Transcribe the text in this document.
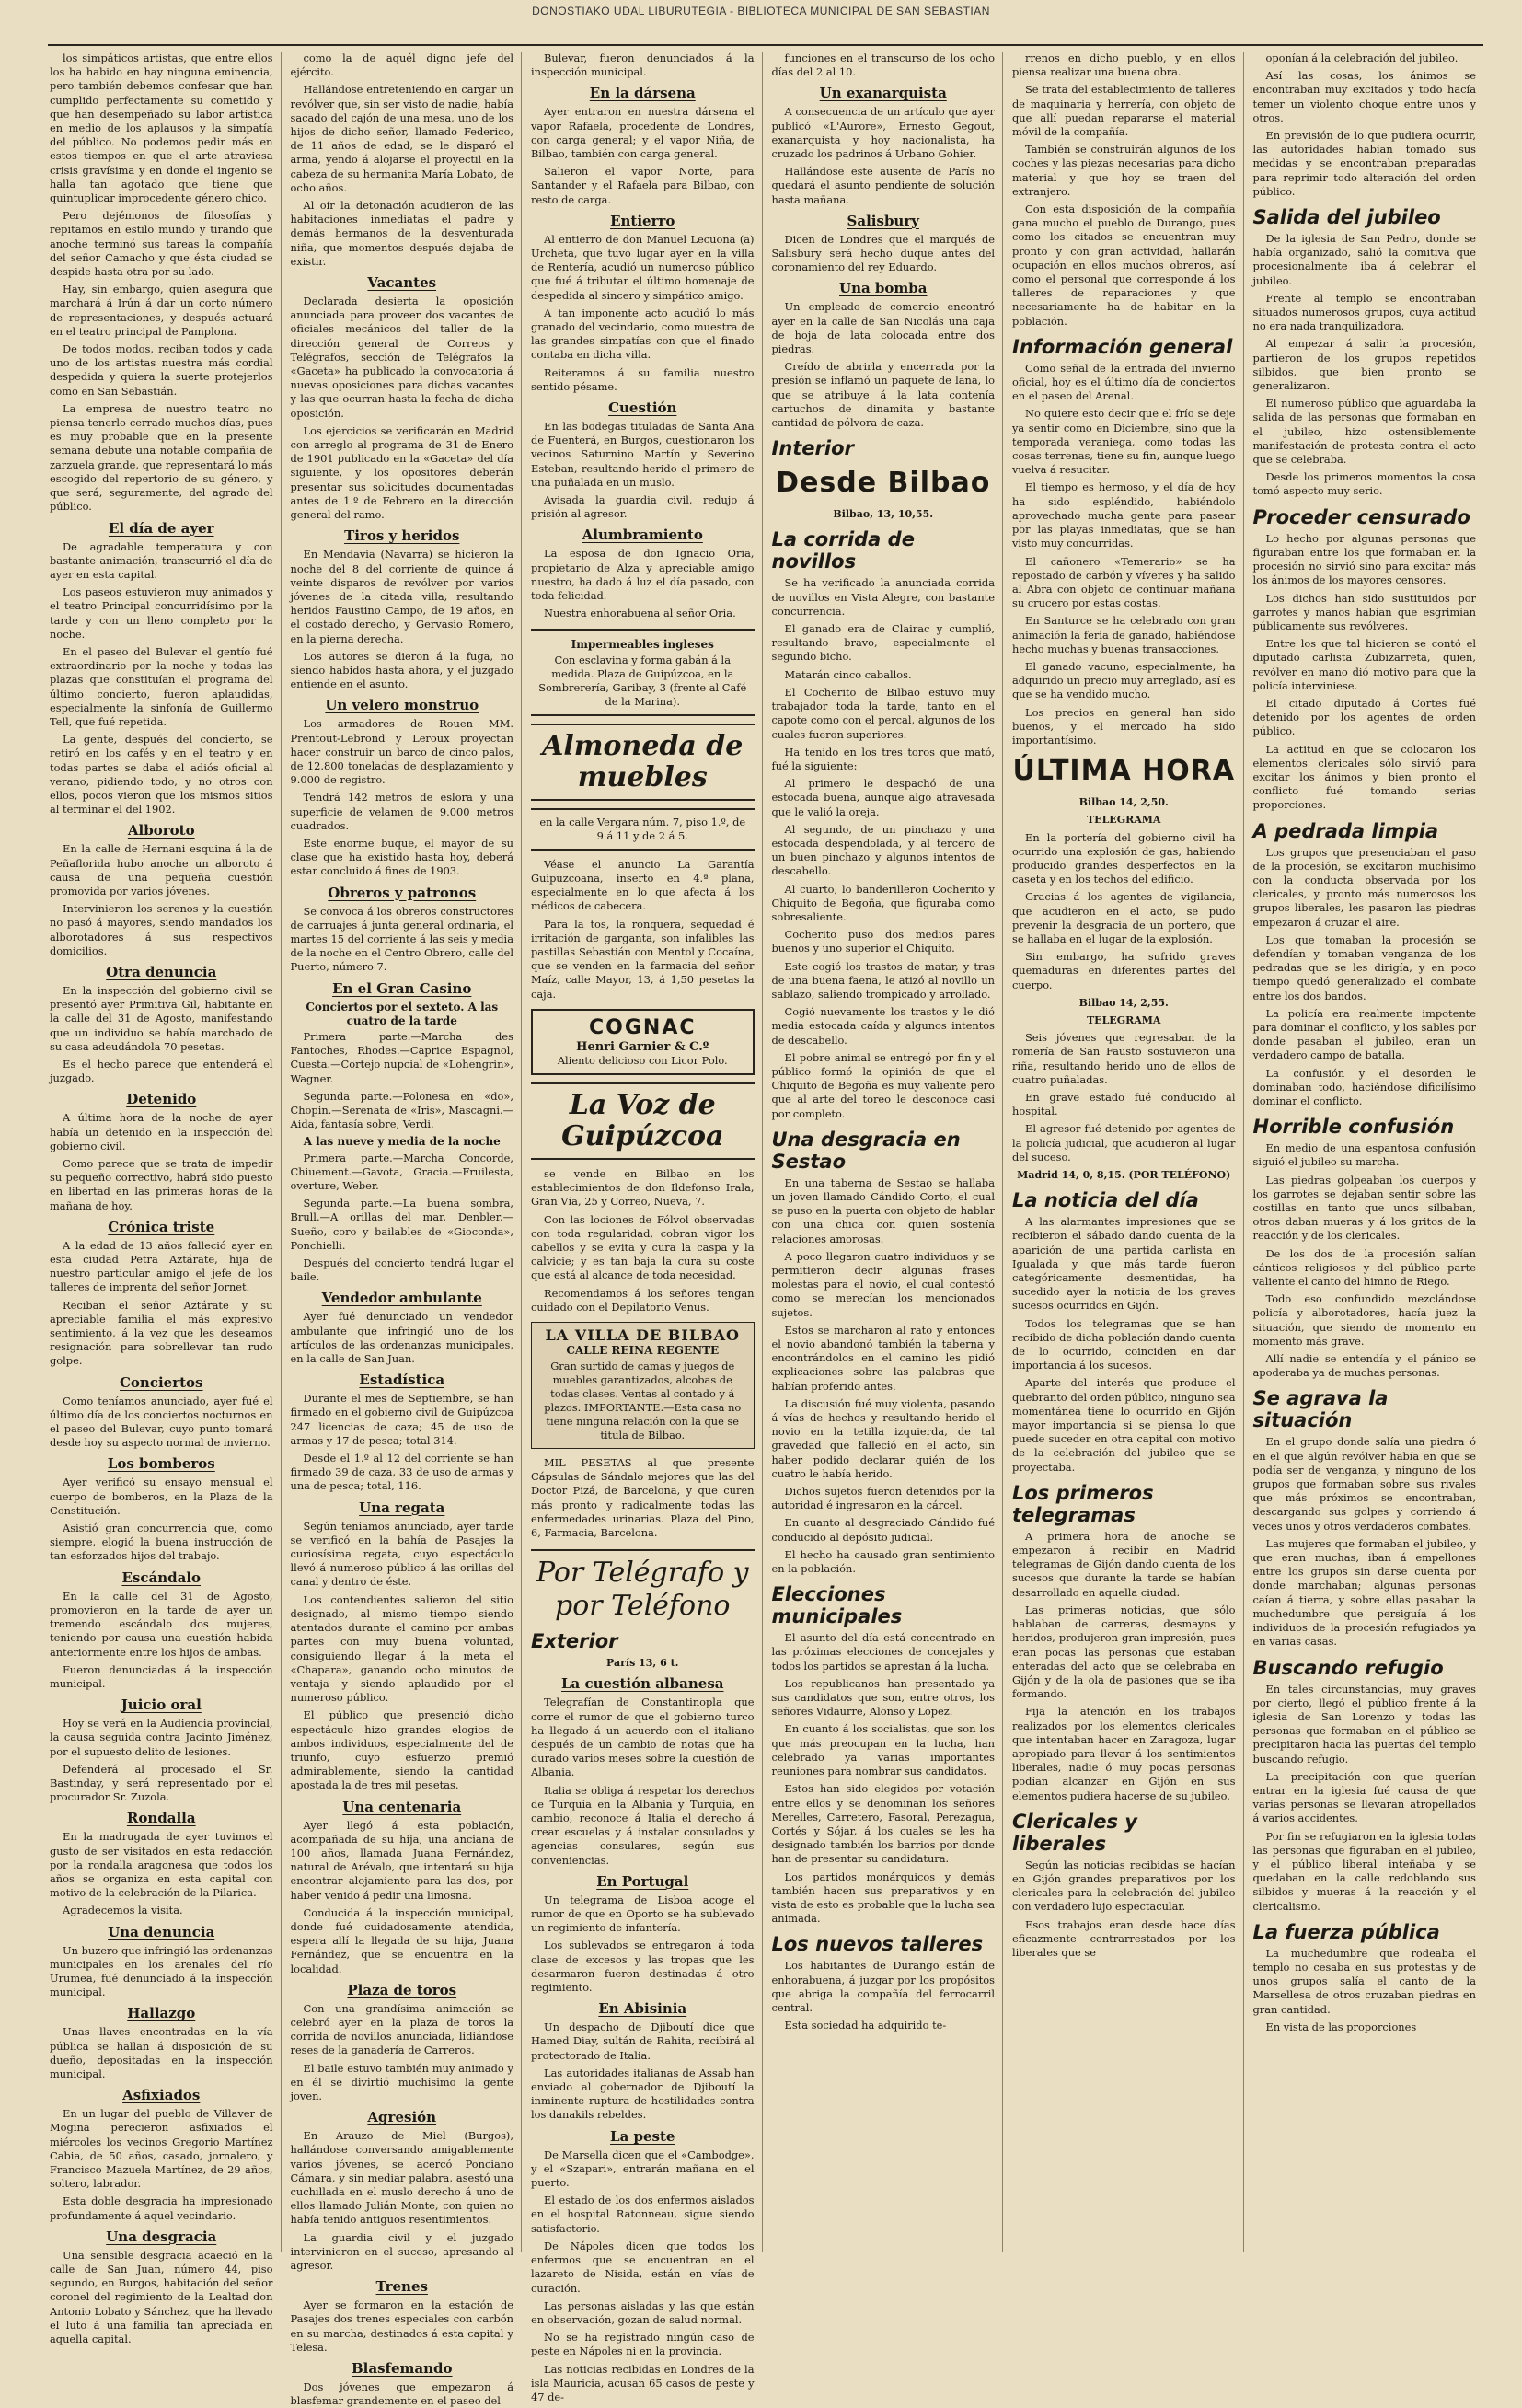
DONOSTIAKO UDAL LIBURUTEGIA - BIBLIOTECA MUNICIPAL DE SAN SEBASTIAN

los simpáticos artistas, que entre ellos los ha habido en hay ninguna eminencia, pero también debemos confesar que han cumplido perfectamente su cometido y que han desempeñado su labor artística en medio de los aplausos y la simpatía del público. No podemos pedir más en estos tiempos en que el arte atraviesa crisis gravísima y en donde el ingenio se halla tan agotado que tiene que quintuplicar improcedente género chico.

Pero dejémonos de filosofías y repitamos en estilo mundo y tirando que anoche terminó sus tareas la compañía del señor Camacho y que ésta ciudad se despide hasta otra por su lado.

Hay, sin embargo, quien asegura que marchará á Irún á dar un corto número de representaciones, y después actuará en el teatro principal de Pamplona.

De todos modos, reciban todos y cada uno de los artistas nuestra más cordial despedida y quiera la suerte protejerlos como en San Sebastián.

La empresa de nuestro teatro no piensa tenerlo cerrado muchos días, pues es muy probable que en la presente semana debute una notable compañía de zarzuela grande, que representará lo más escogido del repertorio de su género, y que será, seguramente, del agrado del público.

El día de ayer

De agradable temperatura y con bastante animación, transcurrió el día de ayer en esta capital.

Los paseos estuvieron muy animados y el teatro Principal concurridísimo por la tarde y con un lleno completo por la noche.

En el paseo del Bulevar el gentío fué extraordinario por la noche y todas las plazas que constituían el programa del último concierto, fueron aplaudidas, especialmente la sinfonía de Guillermo Tell, que fué repetida.

La gente, después del concierto, se retiró en los cafés y en el teatro y en todas partes se daba el adiós oficial al verano, pidiendo todo, y no otros con ellos, pocos vieron que los mismos sitios al terminar el del 1902.

Alboroto

En la calle de Hernani esquina á la de Peñaflorida hubo anoche un alboroto á causa de una pequeña cuestión promovida por varios jóvenes.

Intervinieron los serenos y la cuestión no pasó á mayores, siendo mandados los alborotadores á sus respectivos domicilios.

Otra denuncia

En la inspección del gobierno civil se presentó ayer Primitiva Gil, habitante en la calle del 31 de Agosto, manifestando que un individuo se había marchado de su casa adeudándola 70 pesetas.

Es el hecho parece que entenderá el juzgado.

Detenido

A última hora de la noche de ayer había un detenido en la inspección del gobierno civil.

Como parece que se trata de impedir su pequeño correctivo, habrá sido puesto en libertad en las primeras horas de la mañana de hoy.

Crónica triste

A la edad de 13 años falleció ayer en esta ciudad Petra Aztárate, hija de nuestro particular amigo el jefe de los talleres de imprenta del señor Jornet.

Reciban el señor Aztárate y su apreciable familia el más expresivo sentimiento, á la vez que les deseamos resignación para sobrellevar tan rudo golpe.

Conciertos

Como teníamos anunciado, ayer fué el último día de los conciertos nocturnos en el paseo del Bulevar, cuyo punto tomará desde hoy su aspecto normal de invierno.

Los bomberos

Ayer verificó su ensayo mensual el cuerpo de bomberos, en la Plaza de la Constitución.

Asistió gran concurrencia que, como siempre, elogió la buena instrucción de tan esforzados hijos del trabajo.

Escándalo

En la calle del 31 de Agosto, promovieron en la tarde de ayer un tremendo escándalo dos mujeres, teniendo por causa una cuestión habida anteriormente entre los hijos de ambas.

Fueron denunciadas á la inspección municipal.

Juicio oral

Hoy se verá en la Audiencia provincial, la causa seguida contra Jacinto Jiménez, por el supuesto delito de lesiones.

Defenderá al procesado el Sr. Bastinday, y será representado por el procurador Sr. Zuzola.

Rondalla

En la madrugada de ayer tuvimos el gusto de ser visitados en esta redacción por la rondalla aragonesa que todos los años se organiza en esta capital con motivo de la celebración de la Pilarica.

Agradecemos la visita.

Una denuncia

Un buzero que infringió las ordenanzas municipales en los arenales del río Urumea, fué denunciado á la inspección municipal.

Hallazgo

Unas llaves encontradas en la vía pública se hallan á disposición de su dueño, depositadas en la inspección municipal.

Asfixiados

En un lugar del pueblo de Villaver de Mogina perecieron asfixiados el miércoles los vecinos Gregorio Martínez Cabia, de 50 años, casado, jornalero, y Francisco Mazuela Martínez, de 29 años, soltero, labrador.

Esta doble desgracia ha impresionado profundamente á aquel vecindario.

Una desgracia

Una sensible desgracia acaeció en la calle de San Juan, número 44, piso segundo, en Burgos, habitación del señor coronel del regimiento de la Lealtad don Antonio Lobato y Sánchez, que ha llevado el luto á una familia tan apreciada en aquella capital.

como la de aquél digno jefe del ejército.

Hallándose entreteniendo en cargar un revólver que, sin ser visto de nadie, había sacado del cajón de una mesa, uno de los hijos de dicho señor, llamado Federico, de 11 años de edad, se le disparó el arma, yendo á alojarse el proyectil en la cabeza de su hermanita María Lobato, de ocho años.

Al oír la detonación acudieron de las habitaciones inmediatas el padre y demás hermanos de la desventurada niña, que momentos después dejaba de existir.

Vacantes

Declarada desierta la oposición anunciada para proveer dos vacantes de oficiales mecánicos del taller de la dirección general de Correos y Telégrafos, sección de Telégrafos la «Gaceta» ha publicado la convocatoria á nuevas oposiciones para dichas vacantes y las que ocurran hasta la fecha de dicha oposición.

Los ejercicios se verificarán en Madrid con arreglo al programa de 31 de Enero de 1901 publicado en la «Gaceta» del día siguiente, y los opositores deberán presentar sus solicitudes documentadas antes de 1.º de Febrero en la dirección general del ramo.

Tiros y heridos

En Mendavia (Navarra) se hicieron la noche del 8 del corriente de quince á veinte disparos de revólver por varios jóvenes de la citada villa, resultando heridos Faustino Campo, de 19 años, en el costado derecho, y Gervasio Romero, en la pierna derecha.

Los autores se dieron á la fuga, no siendo habidos hasta ahora, y el juzgado entiende en el asunto.

Un velero monstruo

Los armadores de Rouen MM. Prentout-Lebrond y Leroux proyectan hacer construir un barco de cinco palos, de 12.800 toneladas de desplazamiento y 9.000 de registro.

Tendrá 142 metros de eslora y una superficie de velamen de 9.000 metros cuadrados.

Este enorme buque, el mayor de su clase que ha existido hasta hoy, deberá estar concluido á fines de 1903.

Obreros y patronos

Se convoca á los obreros constructores de carruajes á junta general ordinaria, el martes 15 del corriente á las seis y media de la noche en el Centro Obrero, calle del Puerto, número 7.

En el Gran Casino
Conciertos por el sexteto. A las cuatro de la tarde

Primera parte.—Marcha des Fantoches, Rhodes.—Caprice Espagnol, Cuesta.—Cortejo nupcial de «Lohengrin», Wagner.

Segunda parte.—Polonesa en «do», Chopin.—Serenata de «Iris», Mascagni.—Aida, fantasía sobre, Verdi.

A las nueve y media de la noche

Primera parte.—Marcha Concorde, Chiuement.—Gavota, Gracia.—Fruilesta, overture, Weber.

Segunda parte.—La buena sombra, Brull.—A orillas del mar, Denbler.—Sueño, coro y bailables de «Gioconda», Ponchielli.

Después del concierto tendrá lugar el baile.

Vendedor ambulante

Ayer fué denunciado un vendedor ambulante que infringió uno de los artículos de las ordenanzas municipales, en la calle de San Juan.

Estadística

Durante el mes de Septiembre, se han firmado en el gobierno civil de Guipúzcoa 247 licencias de caza; 45 de uso de armas y 17 de pesca; total 314.

Desde el 1.º al 12 del corriente se han firmado 39 de caza, 33 de uso de armas y una de pesca; total, 116.

Una regata

Según teníamos anunciado, ayer tarde se verificó en la bahía de Pasajes la curiosísima regata, cuyo espectáculo llevó á numeroso público á las orillas del canal y dentro de éste.

Los contendientes salieron del sitio designado, al mismo tiempo siendo atentados durante el camino por ambas partes con muy buena voluntad, consiguiendo llegar á la meta el «Chapara», ganando ocho minutos de ventaja y siendo aplaudido por el numeroso público.

El público que presenció dicho espectáculo hizo grandes elogios de ambos individuos, especialmente del de triunfo, cuyo esfuerzo premió admirablemente, siendo la cantidad apostada la de tres mil pesetas.

Una centenaria

Ayer llegó á esta población, acompañada de su hija, una anciana de 100 años, llamada Juana Fernández, natural de Arévalo, que intentará su hija encontrar alojamiento para las dos, por haber venido á pedir una limosna.

Conducida á la inspección municipal, donde fué cuidadosamente atendida, espera allí la llegada de su hija, Juana Fernández, que se encuentra en la localidad.

Plaza de toros

Con una grandísima animación se celebró ayer en la plaza de toros la corrida de novillos anunciada, lidiándose reses de la ganadería de Carreros.

El baile estuvo también muy animado y en él se divirtió muchísimo la gente joven.

Agresión

En Arauzo de Miel (Burgos), hallándose conversando amigablemente varios jóvenes, se acercó Ponciano Cámara, y sin mediar palabra, asestó una cuchillada en el muslo derecho á uno de ellos llamado Julián Monte, con quien no había tenido antiguos resentimientos.

La guardia civil y el juzgado intervinieron en el suceso, apresando al agresor.

Trenes

Ayer se formaron en la estación de Pasajes dos trenes especiales con carbón en su marcha, destinados á esta capital y Telesa.

Blasfemando

Dos jóvenes que empezaron á blasfemar grandemente en el paseo del

Bulevar, fueron denunciados á la inspección municipal.

En la dársena

Ayer entraron en nuestra dársena el vapor Rafaela, procedente de Londres, con carga general; y el vapor Niña, de Bilbao, también con carga general.

Salieron el vapor Norte, para Santander y el Rafaela para Bilbao, con resto de carga.

Entierro

Al entierro de don Manuel Lecuona (a) Urcheta, que tuvo lugar ayer en la villa de Rentería, acudió un numeroso público que fué á tributar el último homenaje de despedida al sincero y simpático amigo.

A tan imponente acto acudió lo más granado del vecindario, como muestra de las grandes simpatías con que el finado contaba en dicha villa.

Reiteramos á su familia nuestro sentido pésame.

Cuestión

En las bodegas tituladas de Santa Ana de Fuenterá, en Burgos, cuestionaron los vecinos Saturnino Martín y Severino Esteban, resultando herido el primero de una puñalada en un muslo.

Avisada la guardia civil, redujo á prisión al agresor.

Alumbramiento

La esposa de don Ignacio Oria, propietario de Alza y apreciable amigo nuestro, ha dado á luz el día pasado, con toda felicidad.

Nuestra enhorabuena al señor Oria.

Impermeables ingleses
Con esclavina y forma gabán á la medida. Plaza de Guipúzcoa, en la Sombrerería, Garibay, 3 (frente al Café de la Marina).
Almoneda de muebles
en la calle Vergara núm. 7, piso 1.º, de 9 á 11 y de 2 á 5.

Véase el anuncio La Garantía Guipuzcoana, inserto en 4.ª plana, especialmente en lo que afecta á los médicos de cabecera.

Para la tos, la ronquera, sequedad é irritación de garganta, son infalibles las pastillas Sebastián con Mentol y Cocaína, que se venden en la farmacia del señor Maíz, calle Mayor, 13, á 1,50 pesetas la caja.

COGNAC
Henri Garnier & C.º
Aliento delicioso con Licor Polo.
La Voz de Guipúzcoa

se vende en Bilbao en los establecimientos de don Ildefonso Irala, Gran Vía, 25 y Correo, Nueva, 7.

Con las lociones de Fólvol observadas con toda regularidad, cobran vigor los cabellos y se evita y cura la caspa y la calvicie; y es tan baja la cura su coste que está al alcance de toda necesidad.

Recomendamos á los señores tengan cuidado con el Depilatorio Venus.

LA VILLA DE BILBAO
CALLE REINA REGENTE
Gran surtido de camas y juegos de muebles garantizados, alcobas de todas clases. Ventas al contado y á plazos. IMPORTANTE.—Esta casa no tiene ninguna relación con la que se titula de Bilbao.

MIL PESETAS al que presente Cápsulas de Sándalo mejores que las del Doctor Pizá, de Barcelona, y que curen más pronto y radicalmente todas las enfermedades urinarias. Plaza del Pino, 6, Farmacia, Barcelona.

Por Telégrafo y por Teléfono
Exterior
París 13, 6 t.
La cuestión albanesa

Telegrafían de Constantinopla que corre el rumor de que el gobierno turco ha llegado á un acuerdo con el italiano después de un cambio de notas que ha durado varios meses sobre la cuestión de Albania.

Italia se obliga á respetar los derechos de Turquía en la Albania y Turquía, en cambio, reconoce á Italia el derecho á crear escuelas y á instalar consulados y agencias consulares, según sus conveniencias.

En Portugal

Un telegrama de Lisboa acoge el rumor de que en Oporto se ha sublevado un regimiento de infantería.

Los sublevados se entregaron á toda clase de excesos y las tropas que les desarmaron fueron destinadas á otro regimiento.

En Abisinia

Un despacho de Djiboutí dice que Hamed Diay, sultán de Rahita, recibirá al protectorado de Italia.

Las autoridades italianas de Assab han enviado al gobernador de Djiboutí la inminente ruptura de hostilidades contra los danakils rebeldes.

La peste

De Marsella dicen que el «Cambodge», y el «Szapari», entrarán mañana en el puerto.

El estado de los dos enfermos aislados en el hospital Ratonneau, sigue siendo satisfactorio.

De Nápoles dicen que todos los enfermos que se encuentran en el lazareto de Nisida, están en vías de curación.

Las personas aisladas y las que están en observación, gozan de salud normal.

No se ha registrado ningún caso de peste en Nápoles ni en la provincia.

Las noticias recibidas en Londres de la isla Mauricia, acusan 65 casos de peste y 47 de-

funciones en el transcurso de los ocho días del 2 al 10.

Un exanarquista

A consecuencia de un artículo que ayer publicó «L'Aurore», Ernesto Gegout, exanarquista y hoy nacionalista, ha cruzado los padrinos á Urbano Gohier.

Hallándose este ausente de París no quedará el asunto pendiente de solución hasta mañana.

Salisbury

Dicen de Londres que el marqués de Salisbury será hecho duque antes del coronamiento del rey Eduardo.

Una bomba

Un empleado de comercio encontró ayer en la calle de San Nicolás una caja de hoja de lata colocada entre dos piedras.

Creído de abrirla y encerrada por la presión se inflamó un paquete de lana, lo que se atribuye á la lata contenía cartuchos de dinamita y bastante cantidad de pólvora de caza.

Interior
Desde Bilbao
Bilbao, 13, 10,55.
La corrida de novillos

Se ha verificado la anunciada corrida de novillos en Vista Alegre, con bastante concurrencia.

El ganado era de Clairac y cumplió, resultando bravo, especialmente el segundo bicho.

Matarán cinco caballos.

El Cocherito de Bilbao estuvo muy trabajador toda la tarde, tanto en el capote como con el percal, algunos de los cuales fueron superiores.

Ha tenido en los tres toros que mató, fué la siguiente:

Al primero le despachó de una estocada buena, aunque algo atravesada que le valió la oreja.

Al segundo, de un pinchazo y una estocada despendolada, y al tercero de un buen pinchazo y algunos intentos de descabello.

Al cuarto, lo banderilleron Cocherito y Chiquito de Begoña, que figuraba como sobresaliente.

Cocherito puso dos medios pares buenos y uno superior el Chiquito.

Este cogió los trastos de matar, y tras de una buena faena, le atizó al novillo un sablazo, saliendo trompicado y arrollado.

Cogió nuevamente los trastos y le dió media estocada caída y algunos intentos de descabello.

El pobre animal se entregó por fin y el público formó la opinión de que el Chiquito de Begoña es muy valiente pero que al arte del toreo le desconoce casi por completo.

Una desgracia en Sestao

En una taberna de Sestao se hallaba un joven llamado Cándido Corto, el cual se puso en la puerta con objeto de hablar con una chica con quien sostenía relaciones amorosas.

A poco llegaron cuatro individuos y se permitieron decir algunas frases molestas para el novio, el cual contestó como se merecían los mencionados sujetos.

Estos se marcharon al rato y entonces el novio abandonó también la taberna y encontrándolos en el camino les pidió explicaciones sobre las palabras que habían proferido antes.

La discusión fué muy violenta, pasando á vías de hechos y resultando herido el novio en la tetilla izquierda, de tal gravedad que falleció en el acto, sin haber podido declarar quién de los cuatro le había herido.

Dichos sujetos fueron detenidos por la autoridad é ingresaron en la cárcel.

En cuanto al desgraciado Cándido fué conducido al depósito judicial.

El hecho ha causado gran sentimiento en la población.

Elecciones municipales

El asunto del día está concentrado en las próximas elecciones de concejales y todos los partidos se aprestan á la lucha.

Los republicanos han presentado ya sus candidatos que son, entre otros, los señores Vidaurre, Alonso y Lopez.

En cuanto á los socialistas, que son los que más preocupan en la lucha, han celebrado ya varias importantes reuniones para nombrar sus candidatos.

Estos han sido elegidos por votación entre ellos y se denominan los señores Merelles, Carretero, Fasoral, Perezagua, Cortés y Sójar, á los cuales se les ha designado también los barrios por donde han de presentar su candidatura.

Los partidos monárquicos y demás también hacen sus preparativos y en vista de esto es probable que la lucha sea animada.

Los nuevos talleres

Los habitantes de Durango están de enhorabuena, á juzgar por los propósitos que abriga la compañía del ferrocarril central.

Esta sociedad ha adquirido te-

rrenos en dicho pueblo, y en ellos piensa realizar una buena obra.

Se trata del establecimiento de talleres de maquinaria y herrería, con objeto de que allí puedan repararse el material móvil de la compañía.

También se construirán algunos de los coches y las piezas necesarias para dicho material y que hoy se traen del extranjero.

Con esta disposición de la compañía gana mucho el pueblo de Durango, pues como los citados se encuentran muy pronto y con gran actividad, hallarán ocupación en ellos muchos obreros, así como el personal que corresponde á los talleres de reparaciones y que necesariamente ha de habitar en la población.

Información general

Como señal de la entrada del invierno oficial, hoy es el último día de conciertos en el paseo del Arenal.

No quiere esto decir que el frío se deje ya sentir como en Diciembre, sino que la temporada veraniega, como todas las cosas terrenas, tiene su fin, aunque luego vuelva á resucitar.

El tiempo es hermoso, y el día de hoy ha sido espléndido, habiéndolo aprovechado mucha gente para pasear por las playas inmediatas, que se han visto muy concurridas.

El cañonero «Temerario» se ha repostado de carbón y víveres y ha salido al Abra con objeto de continuar mañana su crucero por estas costas.

En Santurce se ha celebrado con gran animación la feria de ganado, habiéndose hecho muchas y buenas transacciones.

El ganado vacuno, especialmente, ha adquirido un precio muy arreglado, así es que se ha vendido mucho.

Los precios en general han sido buenos, y el mercado ha sido importantísimo.

ÚLTIMA HORA
Bilbao 14, 2,50.
TELEGRAMA

En la portería del gobierno civil ha ocurrido una explosión de gas, habiendo producido grandes desperfectos en la caseta y en los techos del edificio.

Gracias á los agentes de vigilancia, que acudieron en el acto, se pudo prevenir la desgracia de un portero, que se hallaba en el lugar de la explosión.

Sin embargo, ha sufrido graves quemaduras en diferentes partes del cuerpo.

Bilbao 14, 2,55.
TELEGRAMA

Seis jóvenes que regresaban de la romería de San Fausto sostuvieron una riña, resultando herido uno de ellos de cuatro puñaladas.

En grave estado fué conducido al hospital.

El agresor fué detenido por agentes de la policía judicial, que acudieron al lugar del suceso.

Madrid 14, 0, 8,15. (POR TELÉFONO)
La noticia del día

A las alarmantes impresiones que se recibieron el sábado dando cuenta de la aparición de una partida carlista en Igualada y que más tarde fueron categóricamente desmentidas, ha sucedido ayer la noticia de los graves sucesos ocurridos en Gijón.

Todos los telegramas que se han recibido de dicha población dando cuenta de lo ocurrido, coinciden en dar importancia á los sucesos.

Aparte del interés que produce el quebranto del orden público, ninguno sea momentánea tiene lo ocurrido en Gijón mayor importancia si se piensa lo que puede suceder en otra capital con motivo de la celebración del jubileo que se proyectaba.

Los primeros telegramas

A primera hora de anoche se empezaron á recibir en Madrid telegramas de Gijón dando cuenta de los sucesos que durante la tarde se habían desarrollado en aquella ciudad.

Las primeras noticias, que sólo hablaban de carreras, desmayos y heridos, produjeron gran impresión, pues eran pocas las personas que estaban enteradas del acto que se celebraba en Gijón y de la ola de pasiones que se iba formando.

Fija la atención en los trabajos realizados por los elementos clericales que intentaban hacer en Zaragoza, lugar apropiado para llevar á los sentimientos liberales, nadie ó muy pocas personas podían alcanzar en Gijón en sus elementos pudiera hacerse de su jubileo.

Clericales y liberales

Según las noticias recibidas se hacían en Gijón grandes preparativos por los clericales para la celebración del jubileo con verdadero lujo espectacular.

Esos trabajos eran desde hace días eficazmente contrarrestados por los liberales que se

oponían á la celebración del jubileo.

Así las cosas, los ánimos se encontraban muy excitados y todo hacía temer un violento choque entre unos y otros.

En previsión de lo que pudiera ocurrir, las autoridades habían tomado sus medidas y se encontraban preparadas para reprimir todo alteración del orden público.

Salida del jubileo

De la iglesia de San Pedro, donde se había organizado, salió la comitiva que procesionalmente iba á celebrar el jubileo.

Frente al templo se encontraban situados numerosos grupos, cuya actitud no era nada tranquilizadora.

Al empezar á salir la procesión, partieron de los grupos repetidos silbidos, que bien pronto se generalizaron.

El numeroso público que aguardaba la salida de las personas que formaban en el jubileo, hizo ostensiblemente manifestación de protesta contra el acto que se celebraba.

Desde los primeros momentos la cosa tomó aspecto muy serio.

Proceder censurado

Lo hecho por algunas personas que figuraban entre los que formaban en la procesión no sirvió sino para excitar más los ánimos de los mayores censores.

Los dichos han sido sustituidos por garrotes y manos habían que esgrimían públicamente sus revólveres.

Entre los que tal hicieron se contó el diputado carlista Zubizarreta, quien, revólver en mano dió motivo para que la policía interviniese.

El citado diputado á Cortes fué detenido por los agentes de orden público.

La actitud en que se colocaron los elementos clericales sólo sirvió para excitar los ánimos y bien pronto el conflicto fué tomando serias proporciones.

A pedrada limpia

Los grupos que presenciaban el paso de la procesión, se excitaron muchísimo con la conducta observada por los clericales, y pronto más numerosos los grupos liberales, les pasaron las piedras empezaron á cruzar el aire.

Los que tomaban la procesión se defendían y tomaban venganza de los pedradas que se les dirigía, y en poco tiempo quedó generalizado el combate entre los dos bandos.

La policía era realmente impotente para dominar el conflicto, y los sables por donde pasaban el jubileo, eran un verdadero campo de batalla.

La confusión y el desorden le dominaban todo, haciéndose dificilísimo dominar el conflicto.

Horrible confusión

En medio de una espantosa confusión siguió el jubileo su marcha.

Las piedras golpeaban los cuerpos y los garrotes se dejaban sentir sobre las costillas en tanto que unos silbaban, otros daban mueras y á los gritos de la reacción y de los clericales.

De los dos de la procesión salían cánticos religiosos y del público parte valiente el canto del himno de Riego.

Todo eso confundido mezclándose policía y alborotadores, hacía juez la situación, que siendo de momento en momento más grave.

Allí nadie se entendía y el pánico se apoderaba ya de muchas personas.

Se agrava la situación

En el grupo donde salía una piedra ó en el que algún revólver había en que se podía ser de venganza, y ninguno de los grupos que formaban sobre sus rivales que más próximos se encontraban, descargando sus golpes y corriendo á veces unos y otros verdaderos combates.

Las mujeres que formaban el jubileo, y que eran muchas, iban á empellones entre los grupos sin darse cuenta por donde marchaban; algunas personas caían á tierra, y sobre ellas pasaban la muchedumbre que persiguía á los individuos de la procesión refugiados ya en varias casas.

Buscando refugio

En tales circunstancias, muy graves por cierto, llegó el público frente á la iglesia de San Lorenzo y todas las personas que formaban en el público se precipitaron hacia las puertas del templo buscando refugio.

La precipitación con que querían entrar en la iglesia fué causa de que varias personas se llevaran atropellados á varios accidentes.

Por fin se refugiaron en la iglesia todas las personas que figuraban en el jubileo, y el público liberal inteñaba y se quedaban en la calle redoblando sus silbidos y mueras á la reacción y el clericalismo.

La fuerza pública

La muchedumbre que rodeaba el templo no cesaba en sus protestas y de unos grupos salía el canto de la Marsellesa de otros cruzaban piedras en gran cantidad.

En vista de las proporciones
